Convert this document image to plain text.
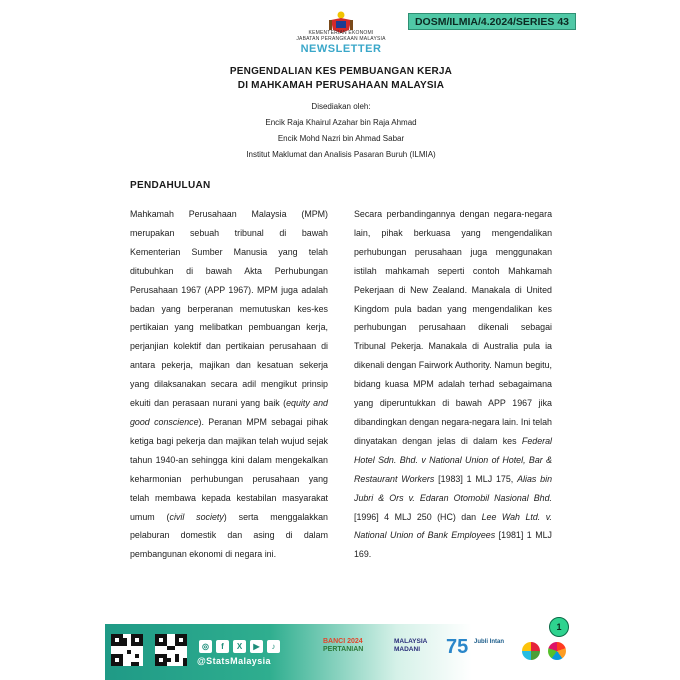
KEMENTERIAN EKONOMI
JABATAN PERANGKAAN MALAYSIA
NEWSLETTER
DOSM/ILMIA/4.2024/SERIES 43
PENGENDALIAN KES PEMBUANGAN KERJA
DI MAHKAMAH PERUSAHAAN MALAYSIA
Disediakan oleh:
Encik Raja Khairul Azahar bin Raja Ahmad
Encik Mohd Nazri bin Ahmad Sabar
Institut Maklumat dan Analisis Pasaran Buruh (ILMIA)
PENDAHULUAN
Mahkamah Perusahaan Malaysia (MPM) merupakan sebuah tribunal di bawah Kementerian Sumber Manusia yang telah ditubuhkan di bawah Akta Perhubungan Perusahaan 1967 (APP 1967). MPM juga adalah badan yang berperanan memutuskan kes-kes pertikaian yang melibatkan pembuangan kerja, perjanjian kolektif dan pertikaian perusahaan di antara pekerja, majikan dan kesatuan sekerja yang dilaksanakan secara adil mengikut prinsip ekuiti dan perasaan nurani yang baik (equity and good conscience). Peranan MPM sebagai pihak ketiga bagi pekerja dan majikan telah wujud sejak tahun 1940-an sehingga kini dalam mengekalkan keharmonian perhubungan perusahaan yang telah membawa kepada kestabilan masyarakat umum (civil society) serta menggalakkan pelaburan domestik dan asing di dalam pembangunan ekonomi di negara ini.
Secara perbandingannya dengan negara-negara lain, pihak berkuasa yang mengendalikan perhubungan perusahaan juga menggunakan istilah mahkamah seperti contoh Mahkamah Pekerjaan di New Zealand. Manakala di United Kingdom pula badan yang mengendalikan kes perhubungan perusahaan dikenali sebagai Tribunal Pekerja. Manakala di Australia pula ia dikenali dengan Fairwork Authority. Namun begitu, bidang kuasa MPM adalah terhad sebagaimana yang diperuntukkan di bawah APP 1967 jika dibandingkan dengan negara-negara lain. Ini telah dinyatakan dengan jelas di dalam kes Federal Hotel Sdn. Bhd. v National Union of Hotel, Bar & Restaurant Workers [1983] 1 MLJ 175, Alias bin Jubri & Ors v. Edaran Otomobil Nasional Bhd. [1996] 4 MLJ 250 (HC) dan Lee Wah Ltd. v. National Union of Bank Employees [1981] 1 MLJ 169.
1
◎	f	X	▶	♪
@StatsMalaysia
BANCI 2024
PERTANIAN
MALAYSIA
MADANI	75 Jubli Intan
